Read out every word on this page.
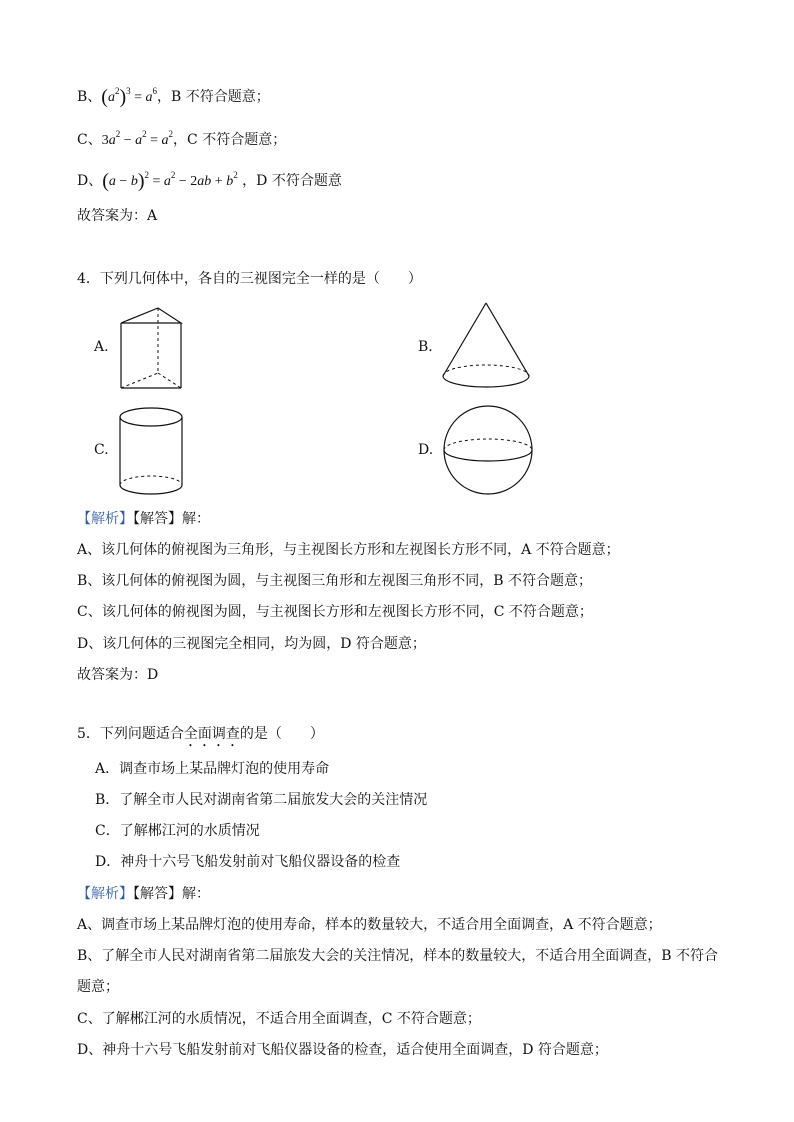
B、$(a^2)^3 = a^6$，B 不符合题意；
C、$3a^2 - a^2 = a^2$，C 不符合题意；
D、$(a - b)^2 = a^2 - 2ab + b^2$ ，D 不符合题意
故答案为：A
4．下列几何体中，各自的三视图完全一样的是（　　）
A.	B.
C.	D.
【解析】【解答】解：
A、该几何体的俯视图为三角形，与主视图长方形和左视图长方形不同，A 不符合题意；
B、该几何体的俯视图为圆，与主视图三角形和左视图三角形不同，B 不符合题意；
C、该几何体的俯视图为圆，与主视图长方形和左视图长方形不同，C 不符合题意；
D、该几何体的三视图完全相同，均为圆，D 符合题意；
故答案为：D
5．下列问题适合全面调查的是（　　）
A．调查市场上某品牌灯泡的使用寿命
B．了解全市人民对湖南省第二届旅发大会的关注情况
C．了解郴江河的水质情况
D．神舟十六号飞船发射前对飞船仪器设备的检查
【解析】【解答】解：
A、调查市场上某品牌灯泡的使用寿命，样本的数量较大，不适合用全面调查，A 不符合题意；
B、了解全市人民对湖南省第二届旅发大会的关注情况，样本的数量较大，不适合用全面调查，B 不符合
题意；
C、了解郴江河的水质情况，不适合用全面调查，C 不符合题意；
D、神舟十六号飞船发射前对飞船仪器设备的检查，适合使用全面调查，D 符合题意；
